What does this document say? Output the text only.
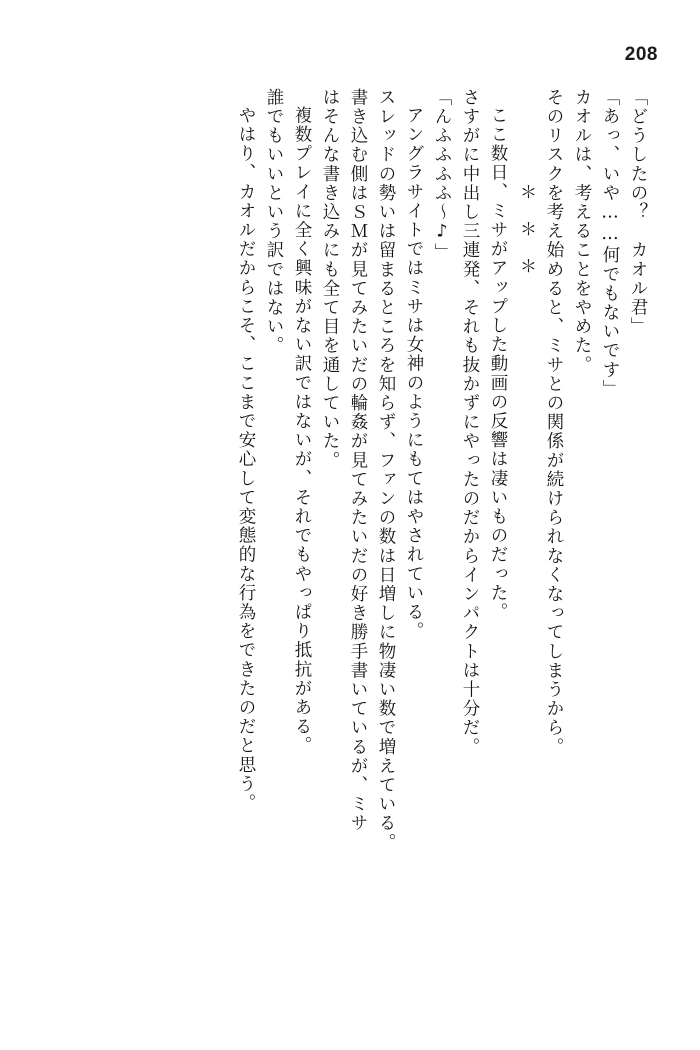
208
「どうしたの？　カオル君」
「あっ、いや……何でもないです」
カオルは、考えることをやめた。
そのリスクを考え始めると、ミサとの関係が続けられなくなってしまうから。
＊　＊　＊
ここ数日、ミサがアップした動画の反響は凄いものだった。
さすがに中出し三連発、それも抜かずにやったのだからインパクトは十分だ。
「んふふふふ〜♪」
アングラサイトではミサは女神のようにもてはやされている。
スレッドの勢いは留まるところを知らず、ファンの数は日増しに物凄い数で増えている。
書き込む側はＳＭが見てみたいだの輪姦が見てみたいだの好き勝手書いているが、ミサ
はそんな書き込みにも全て目を通していた。
複数プレイに全く興味がない訳ではないが、それでもやっぱり抵抗がある。
誰でもいいという訳ではない。
やはり、カオルだからこそ、ここまで安心して変態的な行為をできたのだと思う。
